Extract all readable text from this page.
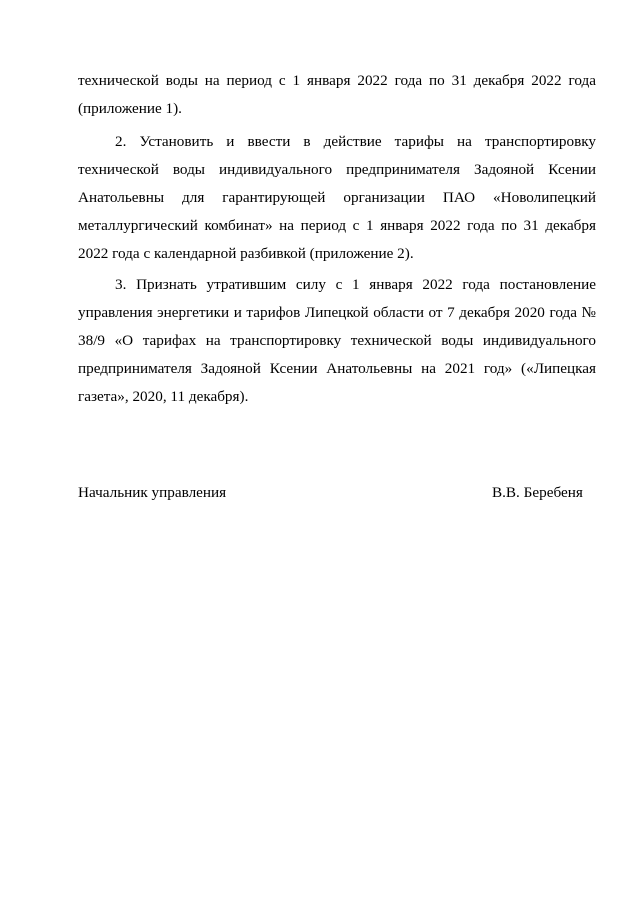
технической воды на период с 1 января 2022 года по 31 декабря 2022 года (приложение 1).

2. Установить и ввести в действие тарифы на транспортировку технической воды индивидуального предпринимателя Задояной Ксении Анатольевны для гарантирующей организации ПАО «Новолипецкий металлургический комбинат» на период с 1 января 2022 года по 31 декабря 2022 года с календарной разбивкой (приложение 2).

3. Признать утратившим силу с 1 января 2022 года постановление управления энергетики и тарифов Липецкой области от 7 декабря 2020 года № 38/9 «О тарифах на транспортировку технической воды индивидуального предпринимателя Задояной Ксении Анатольевны на 2021 год» («Липецкая газета», 2020, 11 декабря).

Начальник управления	В.В. Беребеня
